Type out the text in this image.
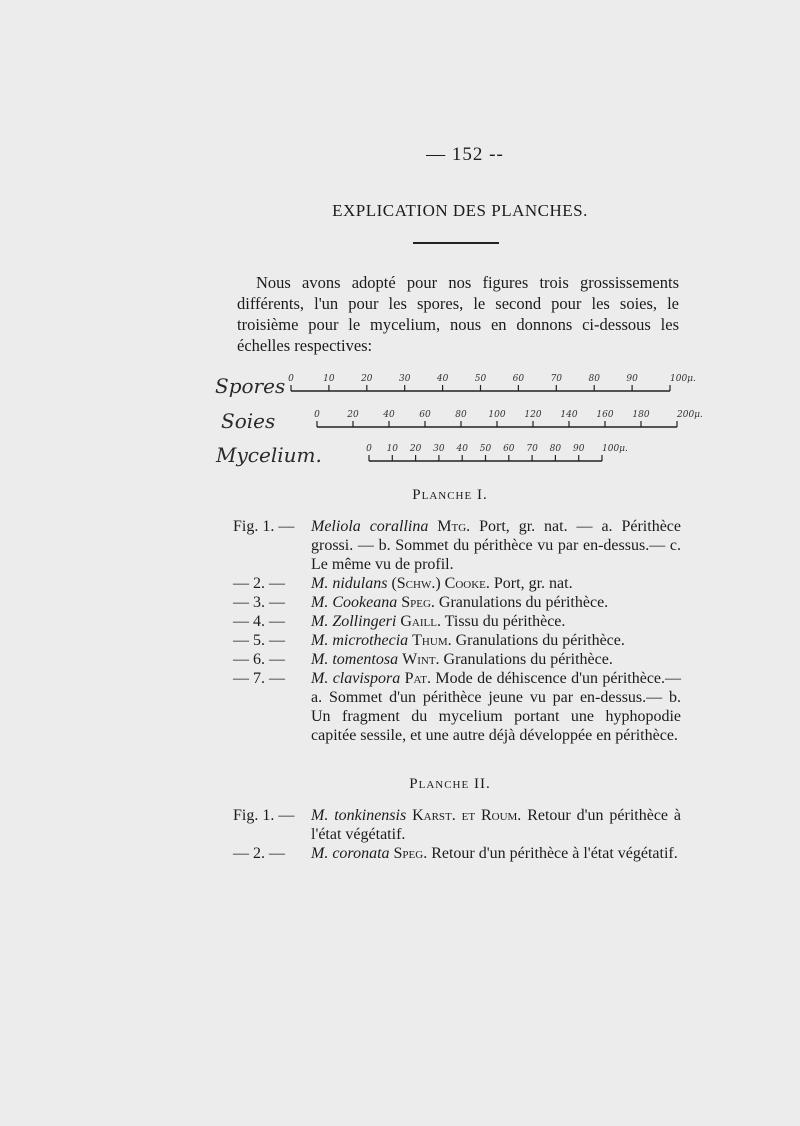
— 152 --
EXPLICATION DES PLANCHES.

Nous avons adopté pour nos figures trois grossissements différents, l'un pour les spores, le second pour les soies, le troisième pour le mycelium, nous en donnons ci-dessous les échelles respectives:

Spores 0	10	20	30	40	50	60	70	80	90	100μ.
Soies	0	20	40	60	80 100 120 140 160 180	200μ.
Mycelium.	0 10 20 30 40 50 60 70 80 90 100μ.
Planche I.
Fig. 1. —	Meliola corallina Mtg. Port, gr. nat. — a. Périthèce grossi. — b. Sommet du périthèce vu par en-dessus.— c. Le même vu de profil.
— 2. —	M. nidulans (Schw.) Cooke. Port, gr. nat.
— 3. —	M. Cookeana Speg. Granulations du périthèce.
— 4. —	M. Zollingeri Gaill. Tissu du périthèce.
— 5. —	M. microthecia Thum. Granulations du périthèce.
— 6. —	M. tomentosa Wint. Granulations du périthèce.
— 7. —	M. clavispora Pat. Mode de déhiscence d'un périthèce.— a. Sommet d'un périthèce jeune vu par en-dessus.— b. Un fragment du mycelium portant une hyphopodie capitée sessile, et une autre déjà développée en périthèce.
Planche II.
Fig. 1. —	M. tonkinensis Karst. et Roum. Retour d'un périthèce à l'état végétatif.
— 2. —	M. coronata Speg. Retour d'un périthèce à l'état végétatif.
